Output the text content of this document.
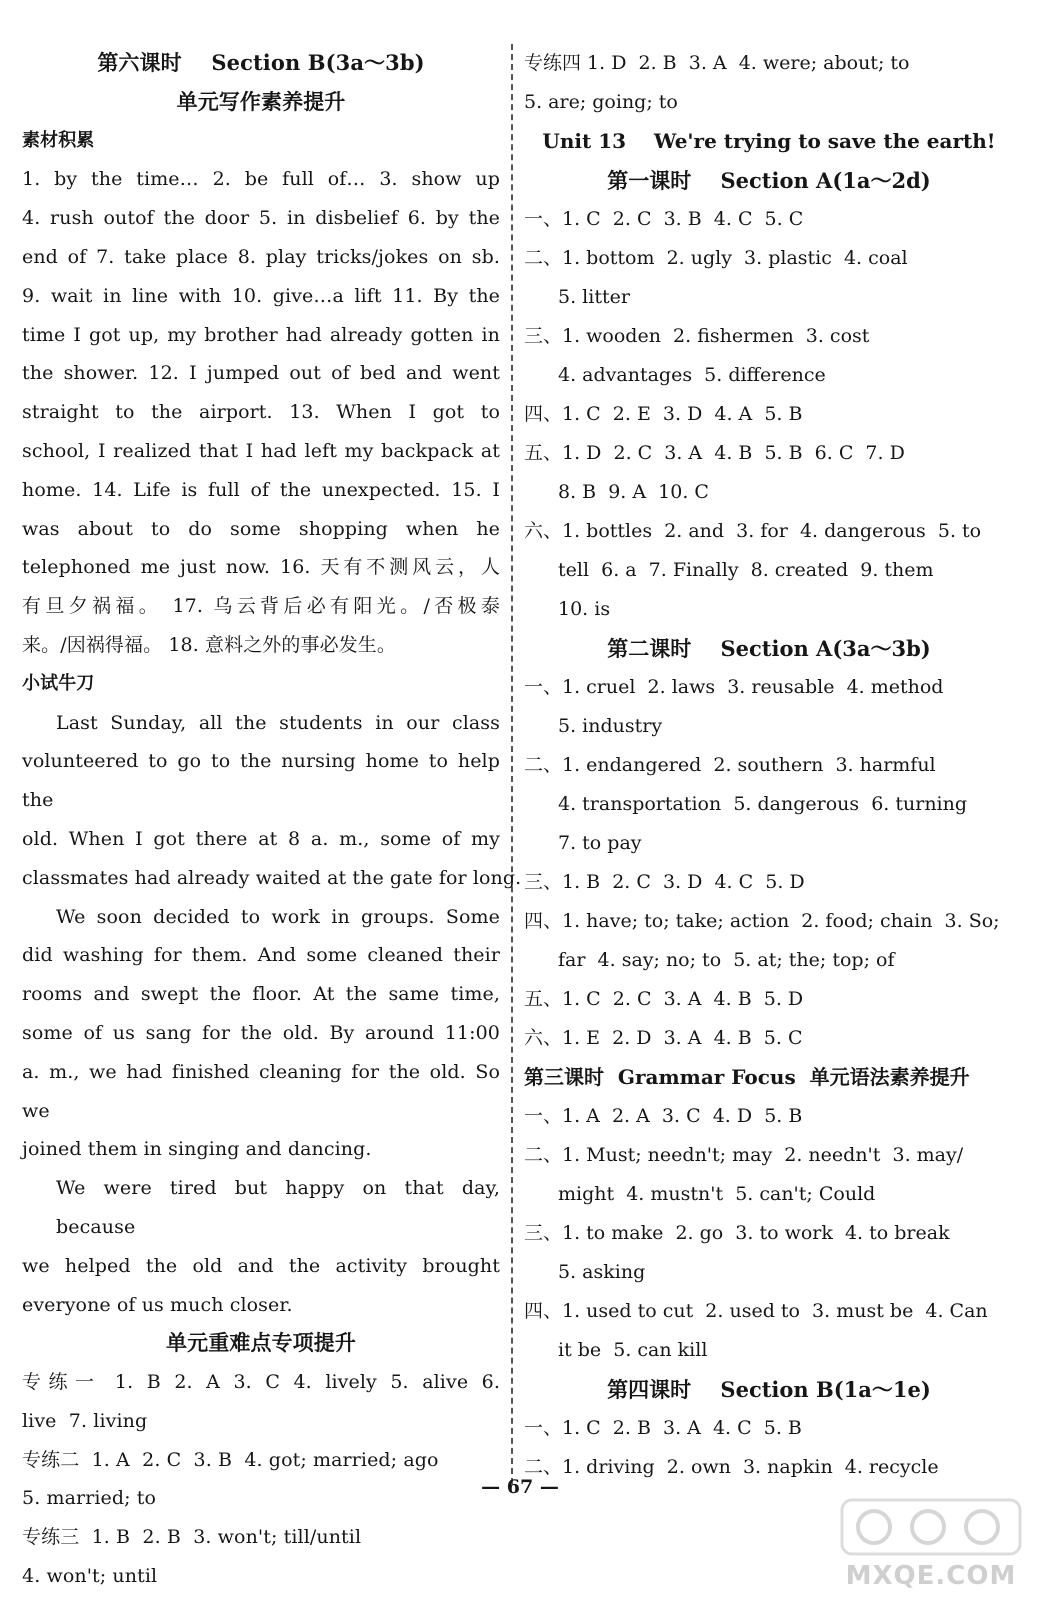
第六课时    Section B(3a～3b)
单元写作素养提升
素材积累
1. by the time… 2. be full of… 3. show up
4. rush outof the door 5. in disbelief 6. by the
end of 7. take place 8. play tricks/jokes on sb.
9. wait in line with 10. give…a lift 11. By the
time I got up, my brother had already gotten in
the shower. 12. I jumped out of bed and went
straight to the airport. 13. When I got to
school, I realized that I had left my backpack at
home. 14. Life is full of the unexpected. 15. I
was about to do some shopping when he
telephoned me just now. 16. 天有不测风云，人
有旦夕祸福。 17. 乌云背后必有阳光。/否极泰
来。/因祸得福。 18. 意料之外的事必发生。
小试牛刀
Last Sunday, all the students in our class
volunteered to go to the nursing home to help the
old. When I got there at 8 a. m., some of my
classmates had already waited at the gate for long.
We soon decided to work in groups. Some
did washing for them. And some cleaned their
rooms and swept the floor. At the same time,
some of us sang for the old. By around 11:00
a. m., we had finished cleaning for the old. So we
joined them in singing and dancing.
We were tired but happy on that day, because
we helped the old and the activity brought
everyone of us much closer.
单元重难点专项提升
专练一 1. B 2. A 3. C 4. lively 5. alive 6.
live  7. living
专练二  1. A  2. C  3. B  4. got; married; ago
5. married; to
专练三  1. B  2. B  3. won't; till/until
4. won't; until
专练四 1. D  2. B  3. A  4. were; about; to
5. are; going; to
Unit 13    We're trying to save the earth!
第一课时    Section A(1a～2d)
一、1. C  2. C  3. B  4. C  5. C
二、1. bottom  2. ugly  3. plastic  4. coal
5. litter
三、1. wooden  2. fishermen  3. cost
4. advantages  5. difference
四、1. C  2. E  3. D  4. A  5. B
五、1. D  2. C  3. A  4. B  5. B  6. C  7. D
8. B  9. A  10. C
六、1. bottles  2. and  3. for  4. dangerous  5. to
tell  6. a  7. Finally  8. created  9. them
10. is
第二课时    Section A(3a～3b)
一、1. cruel  2. laws  3. reusable  4. method
5. industry
二、1. endangered  2. southern  3. harmful
4. transportation  5. dangerous  6. turning
7. to pay
三、1. B  2. C  3. D  4. C  5. D
四、1. have; to; take; action  2. food; chain  3. So;
far  4. say; no; to  5. at; the; top; of
五、1. C  2. C  3. A  4. B  5. D
六、1. E  2. D  3. A  4. B  5. C
第三课时  Grammar Focus  单元语法素养提升
一、1. A  2. A  3. C  4. D  5. B
二、1. Must; needn't; may  2. needn't  3. may/
might  4. mustn't  5. can't; Could
三、1. to make  2. go  3. to work  4. to break
5. asking
四、1. used to cut  2. used to  3. must be  4. Can
it be  5. can kill
第四课时    Section B(1a～1e)
一、1. C  2. B  3. A  4. C  5. B
二、1. driving  2. own  3. napkin  4. recycle
— 67 —
MXQE.COM
